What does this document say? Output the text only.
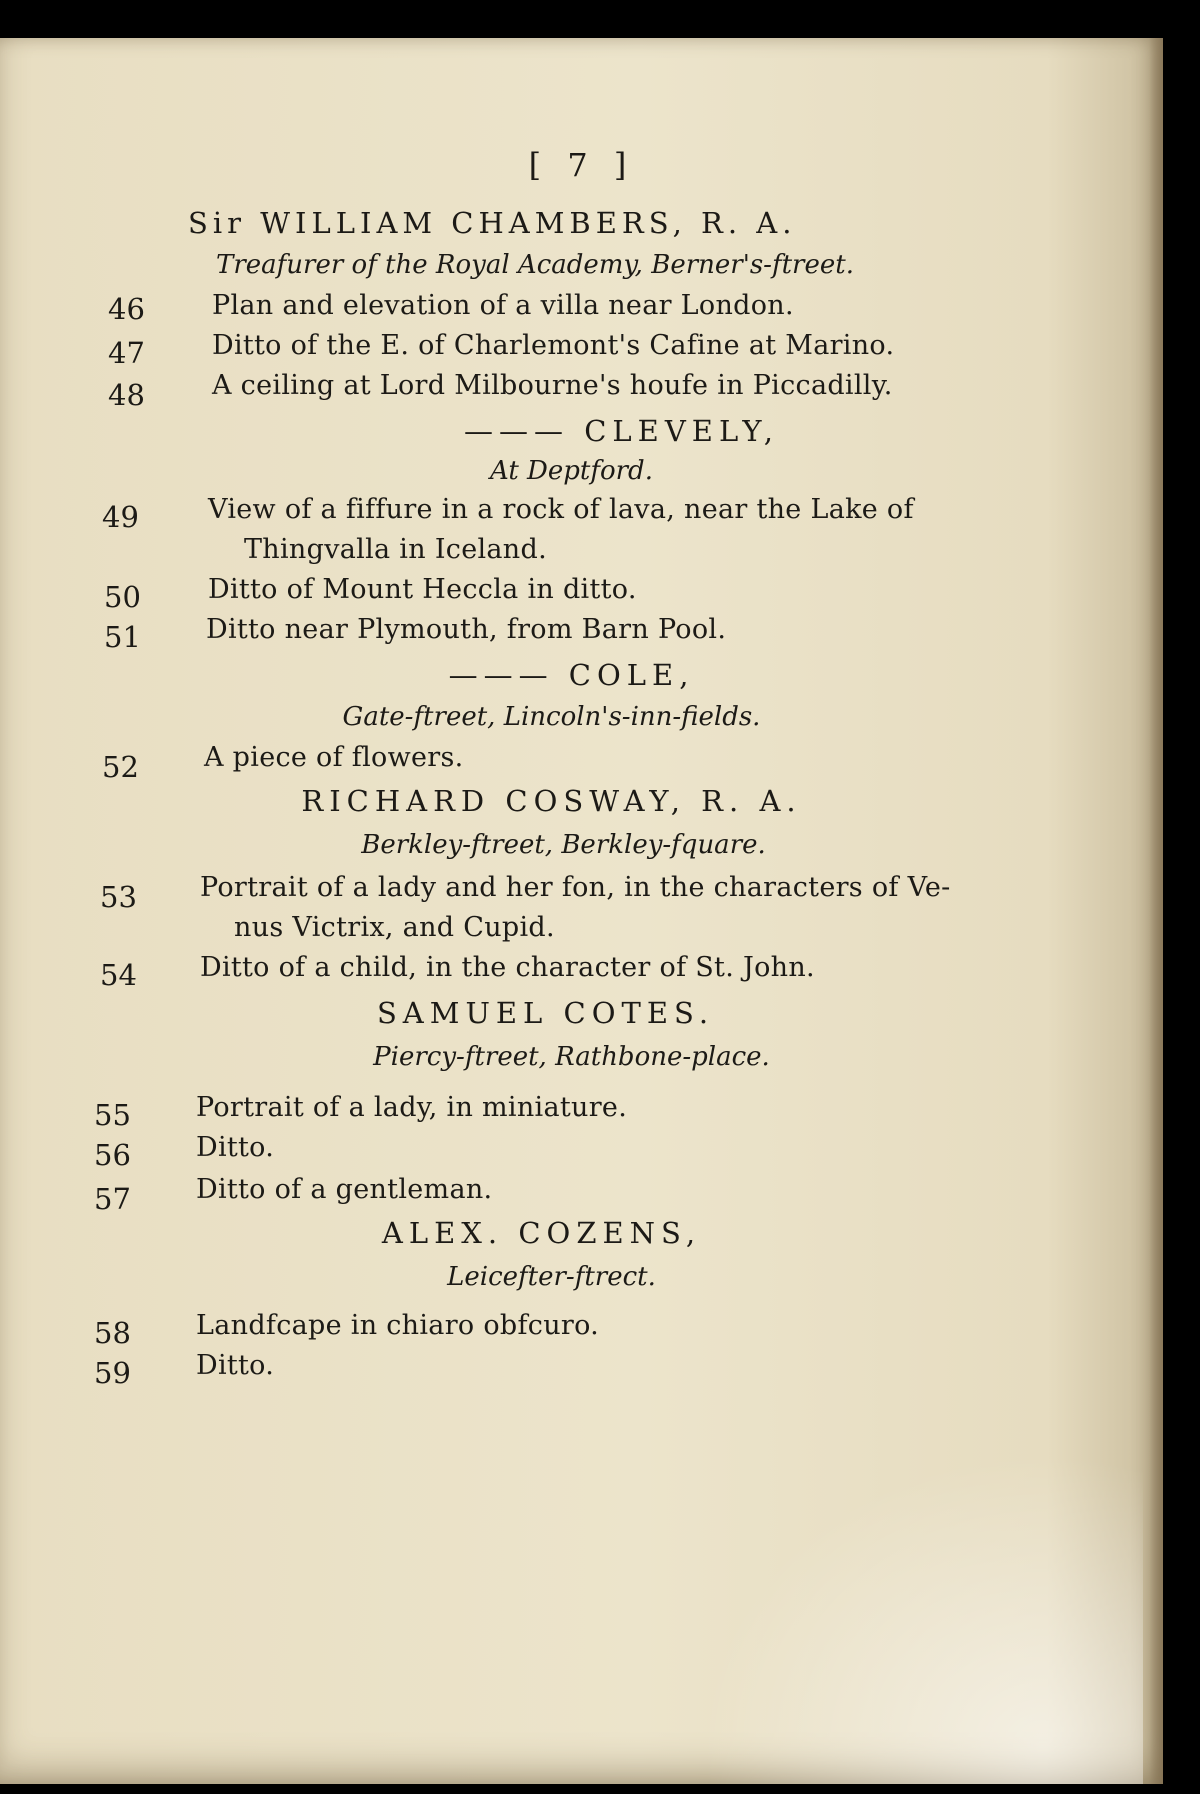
[ 7 ]
Sir WILLIAM CHAMBERS, R. A.
Treafurer of the Royal Academy, Berner's-ftreet.
46 Plan and elevation of a villa near London.
47 Ditto of the E. of Charlemont's Cafine at Marino.
48 A ceiling at Lord Milbourne's houfe in Piccadilly.
——— CLEVELY,
At Deptford.
49	View of a fiffure in a rock of lava, near the Lake of
Thingvalla in Iceland.
50 Ditto of Mount Heccla in ditto.
51 Ditto near Plymouth, from Barn Pool.
——— COLE,
Gate-ftreet, Lincoln's-inn-fields.
52 A piece of flowers.
RICHARD COSWAY, R. A.
Berkley-ftreet, Berkley-fquare.
53 Portrait of a lady and her fon, in the characters of Ve-
nus Victrix, and Cupid.
54 Ditto of a child, in the character of St. John.
SAMUEL COTES.
Piercy-ftreet, Rathbone-place.
55 Portrait of a lady, in miniature.
56 Ditto.
57 Ditto of a gentleman.
ALEX. COZENS,
Leicefter-ftrect.
58 Landfcape in chiaro obfcuro.
59 Ditto.
